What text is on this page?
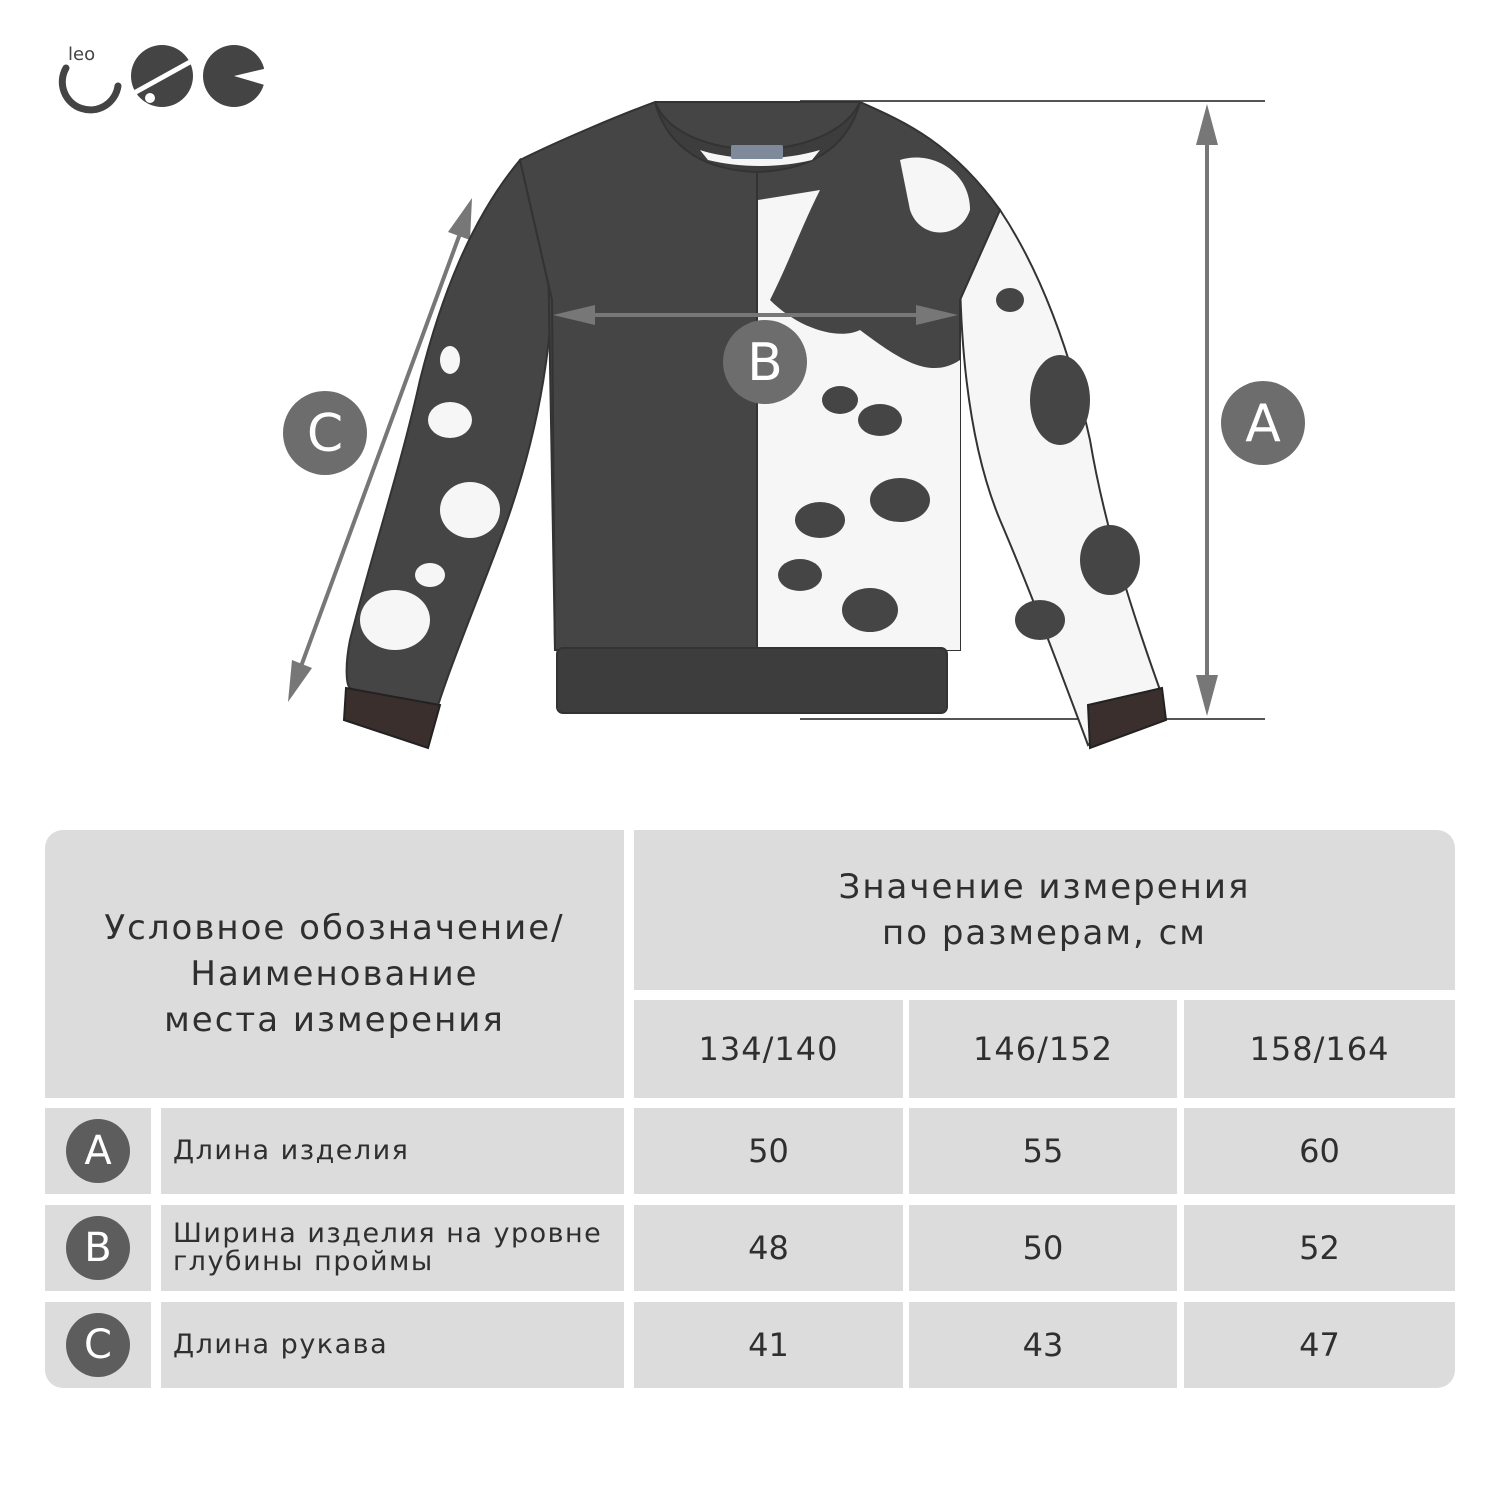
leo
B
A
C
Условное обозначение/
Наименование
места измерения
Значение измерения
по размерам, см
134/140	146/152	158/164
A	Длина изделия	50	55	60
B	Ширина изделия на уровне глубины проймы	48	50	52
C	Длина рукава	41	43	47
